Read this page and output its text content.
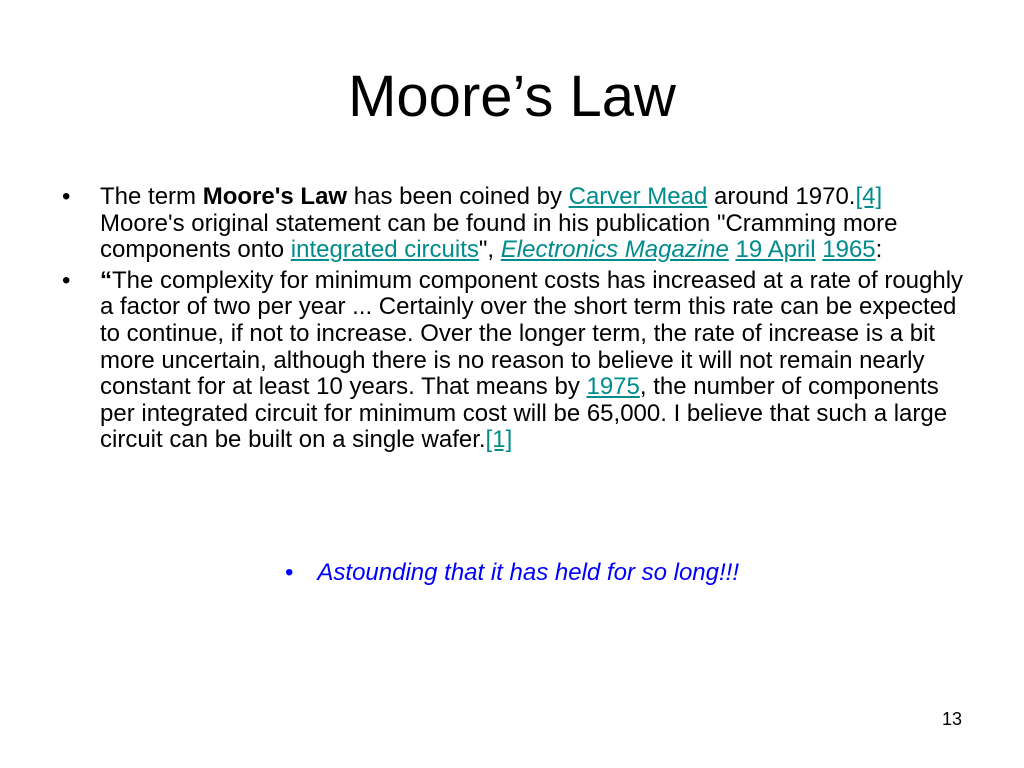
Moore’s Law
•	The term Moore's Law has been coined by Carver Mead around 1970.[4] Moore's original statement can be found in his publication "Cramming more components onto integrated circuits", Electronics Magazine 19 April 1965:
•	“The complexity for minimum component costs has increased at a rate of roughly a factor of two per year ... Certainly over the short term this rate can be expected to continue, if not to increase. Over the longer term, the rate of increase is a bit more uncertain, although there is no reason to believe it will not remain nearly constant for at least 10 years. That means by 1975, the number of components per integrated circuit for minimum cost will be 65,000. I believe that such a large circuit can be built on a single wafer.[1]
• Astounding that it has held for so long!!!
13
